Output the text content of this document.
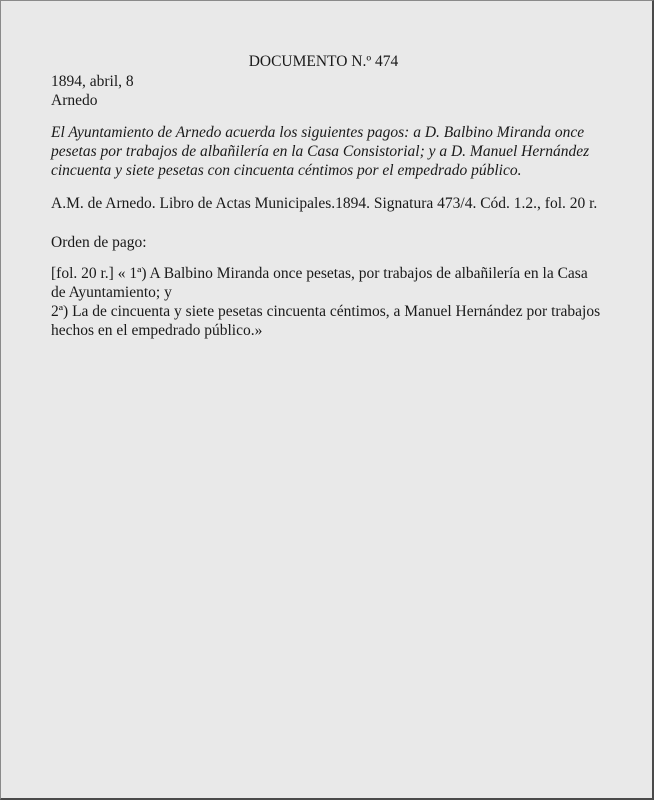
DOCUMENTO N.º 474
1894, abril, 8
Arnedo
El Ayuntamiento de Arnedo acuerda los siguientes pagos: a D. Balbino Miranda once
pesetas por trabajos de albañilería en la Casa Consistorial; y a D. Manuel Hernández
cincuenta y siete pesetas con cincuenta céntimos por el empedrado público.
A.M. de Arnedo. Libro de Actas Municipales.1894. Signatura 473/4. Cód. 1.2., fol. 20 r.
Orden de pago:
[fol. 20 r.] « 1ª) A Balbino Miranda once pesetas, por trabajos de albañilería en la Casa
de Ayuntamiento; y
2ª) La de cincuenta y siete pesetas cincuenta céntimos, a Manuel Hernández por trabajos
hechos en el empedrado público.»
